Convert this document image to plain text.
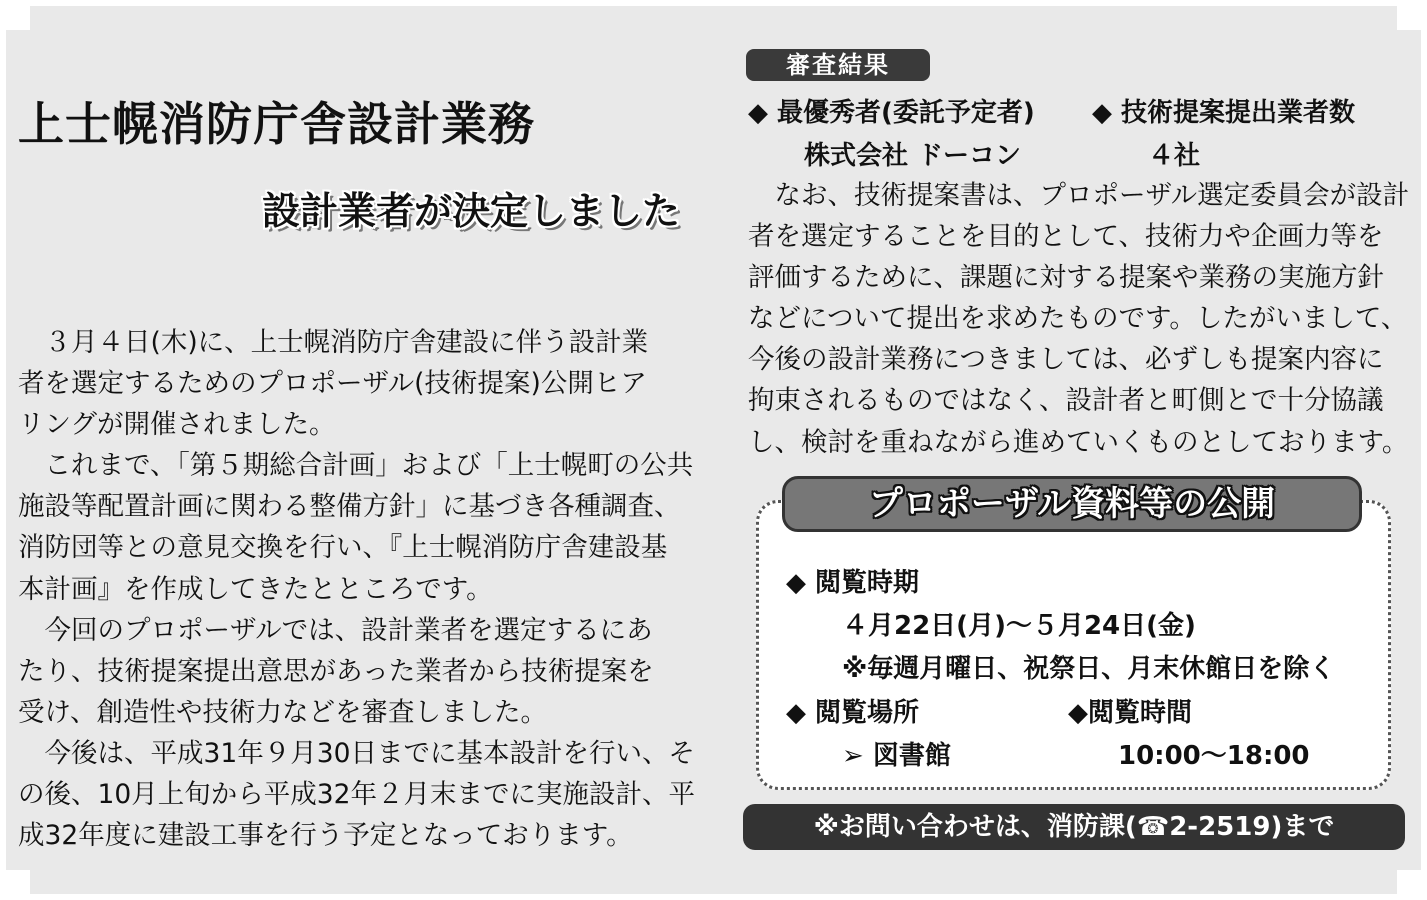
上士幌消防庁舎設計業務
設計業者が決定しました
　３月４日(木)に、上士幌消防庁舎建設に伴う設計業
者を選定するためのプロポーザル(技術提案)公開ヒア
リングが開催されました。
　これまで、「第５期総合計画」および「上士幌町の公共
施設等配置計画に関わる整備方針」に基づき各種調査、
消防団等との意見交換を行い、『上士幌消防庁舎建設基
本計画』を作成してきたとところです。
　今回のプロポーザルでは、設計業者を選定するにあ
たり、技術提案提出意思があった業者から技術提案を
受け、創造性や技術力などを審査しました。
　今後は、平成31年９月30日までに基本設計を行い、そ
の後、10月上旬から平成32年２月末までに実施設計、平
成32年度に建設工事を行う予定となっております。
審査結果
◆ 最優秀者(委託予定者) ◆ 技術提案提出業者数
株式会社 ドーコン	４社
　なお、技術提案書は、プロポーザル選定委員会が設計
者を選定することを目的として、技術力や企画力等を
評価するために、課題に対する提案や業務の実施方針
などについて提出を求めたものです。したがいまして、
今後の設計業務につきましては、必ずしも提案内容に
拘束されるものではなく、設計者と町側とで十分協議
し、検討を重ねながら進めていくものとしております。
プロポーザル資料等の公開
◆ 閲覧時期
４月22日(月)～５月24日(金)
※毎週月曜日、祝祭日、月末休館日を除く
◆ 閲覧場所	◆閲覧時間
➢ 図書館	10:00～18:00
※お問い合わせは、消防課(☎2-2519)まで
